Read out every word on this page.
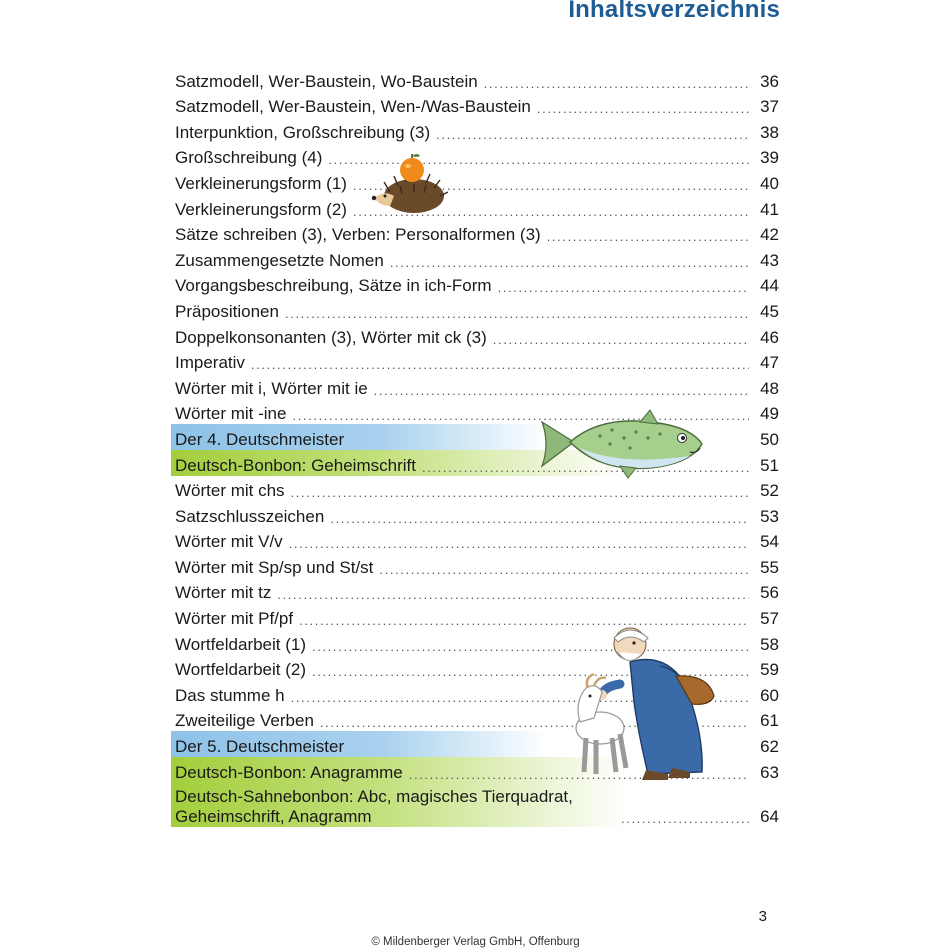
Inhaltsverzeichnis
Satzmodell, Wer-Baustein, Wo-Baustein . . .	36
Satzmodell, Wer-Baustein, Wen-/Was-Baustein . . .	37
Interpunktion, Großschreibung (3) . . .	38
Großschreibung (4) . . .	39
Verkleinerungsform (1) . . .	40
Verkleinerungsform (2) . . .	41
Sätze schreiben (3), Verben: Personalformen (3) . . .	42
Zusammengesetzte Nomen . . .	43
Vorgangsbeschreibung, Sätze in ich-Form . . .	44
Präpositionen . . .	45
Doppelkonsonanten (3), Wörter mit ck (3) . . .	46
Imperativ . . .	47
Wörter mit i, Wörter mit ie . . .	48
Wörter mit -ine . . .	49
Der 4. Deutschmeister	50
Deutsch-Bonbon: Geheimschrift . . .	51
Wörter mit chs . . .	52
Satzschlusszeichen . . .	53
Wörter mit V/v . . .	54
Wörter mit Sp/sp und St/st . . .	55
Wörter mit tz . . .	56
Wörter mit Pf/pf . . .	57
Wortfeldarbeit (1) . . .	58
Wortfeldarbeit (2) . . .	59
Das stumme h . . .	60
Zweiteilige Verben . . .	61
Der 5. Deutschmeister	62
Deutsch-Bonbon: Anagramme . . .	63
Deutsch-Sahnebonbon: Abc, magisches Tierquadrat, Geheimschrift, Anagramm . . .	64
3
© Mildenberger Verlag GmbH, Offenburg
